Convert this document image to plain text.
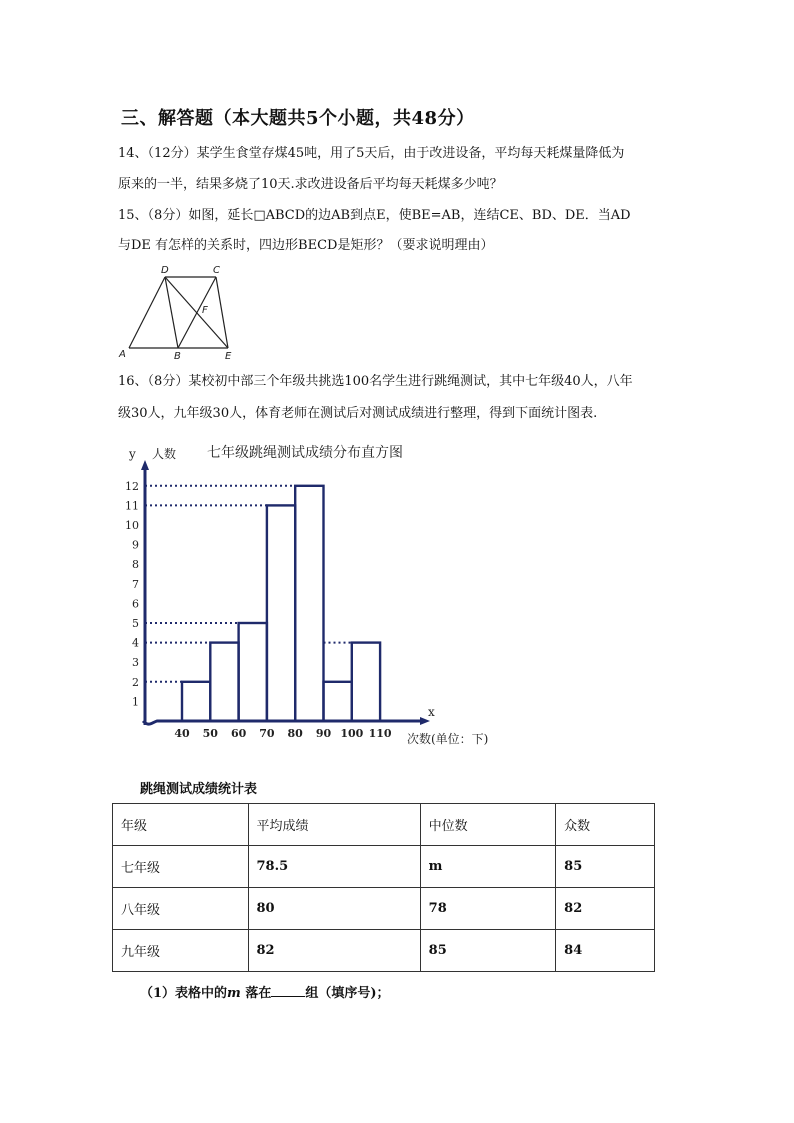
三、解答题（本大题共5个小题，共48分）
14、（12分）某学生食堂存煤45吨，用了5天后，由于改进设备，平均每天耗煤量降低为
原来的一半，结果多烧了10天.求改进设备后平均每天耗煤多少吨？
15、（8分）如图，延长□ABCD的边AB到点E，使BE=AB，连结CE、BD、DE．当AD
与DE 有怎样的关系时，四边形BECD是矩形？（要求说明理由）
D	C
F
A	B	E
16、（8分）某校初中部三个年级共挑选100名学生进行跳绳测试，其中七年级40人，八年
级30人，九年级30人，体育老师在测试后对测试成绩进行整理，得到下面统计图表.
七年级跳绳测试成绩分布直方图
y 人数
x
次数(单位：下)
1
2
3
4
5
6
7
8
9
10
11
12
40 50 60 70 80 90 100 110
跳绳测试成绩统计表
年级	平均成绩	中位数	众数
七年级	78.5	m	85
八年级	80	78	82
九年级	82	85	84
（1）表格中的m 落在	组（填序号)；
